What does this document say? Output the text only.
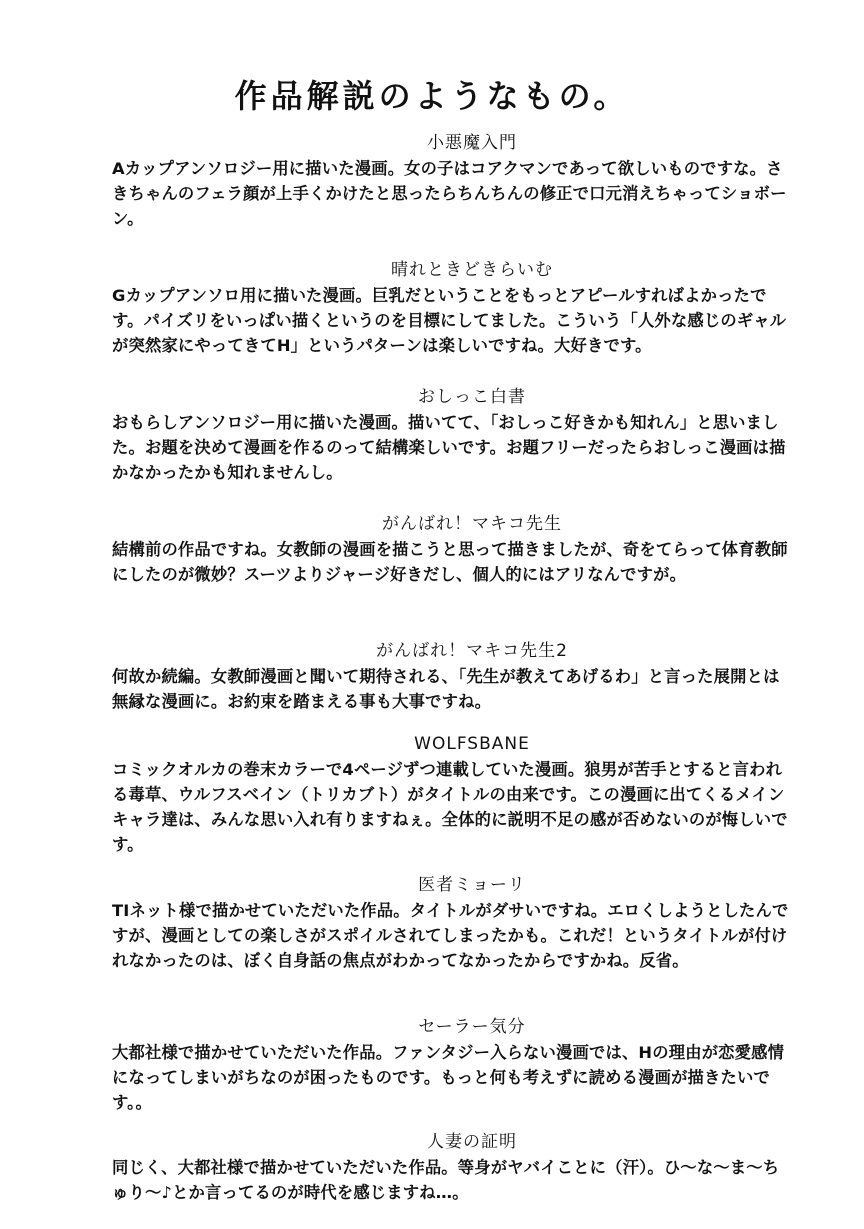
作品解説のようなもの。
小悪魔入門
Aカップアンソロジー用に描いた漫画。女の子はコアクマンであって欲しいものですな。さきちゃんのフェラ顔が上手くかけたと思ったらちんちんの修正で口元消えちゃってショボーン。
晴れときどきらいむ
Gカップアンソロ用に描いた漫画。巨乳だということをもっとアピールすればよかったです。パイズリをいっぱい描くというのを目標にしてました。こういう「人外な感じのギャルが突然家にやってきてH」というパターンは楽しいですね。大好きです。
おしっこ白書
おもらしアンソロジー用に描いた漫画。描いてて、「おしっこ好きかも知れん」と思いました。お題を決めて漫画を作るのって結構楽しいです。お題フリーだったらおしっこ漫画は描かなかったかも知れませんし。
がんばれ！マキコ先生
結構前の作品ですね。女教師の漫画を描こうと思って描きましたが、奇をてらって体育教師にしたのが微妙？スーツよりジャージ好きだし、個人的にはアリなんですが。
がんばれ！マキコ先生2
何故か続編。女教師漫画と聞いて期待される、「先生が教えてあげるわ」と言った展開とは無縁な漫画に。お約束を踏まえる事も大事ですね。
WOLFSBANE
コミックオルカの巻末カラーで4ページずつ連載していた漫画。狼男が苦手とすると言われる毒草、ウルフスベイン（トリカブト）がタイトルの由来です。この漫画に出てくるメインキャラ達は、みんな思い入れ有りますねぇ。全体的に説明不足の感が否めないのが悔しいです。
医者ミョーリ
TIネット様で描かせていただいた作品。タイトルがダサいですね。エロくしようとしたんですが、漫画としての楽しさがスポイルされてしまったかも。これだ！というタイトルが付けれなかったのは、ぼく自身話の焦点がわかってなかったからですかね。反省。
セーラー気分
大都社様で描かせていただいた作品。ファンタジー入らない漫画では、Hの理由が恋愛感情になってしまいがちなのが困ったものです。もっと何も考えずに読める漫画が描きたいです。。
人妻の証明
同じく、大都社様で描かせていただいた作品。等身がヤバイことに（汗）。ひ～な～ま～ちゅり～♪とか言ってるのが時代を感じますね…。
